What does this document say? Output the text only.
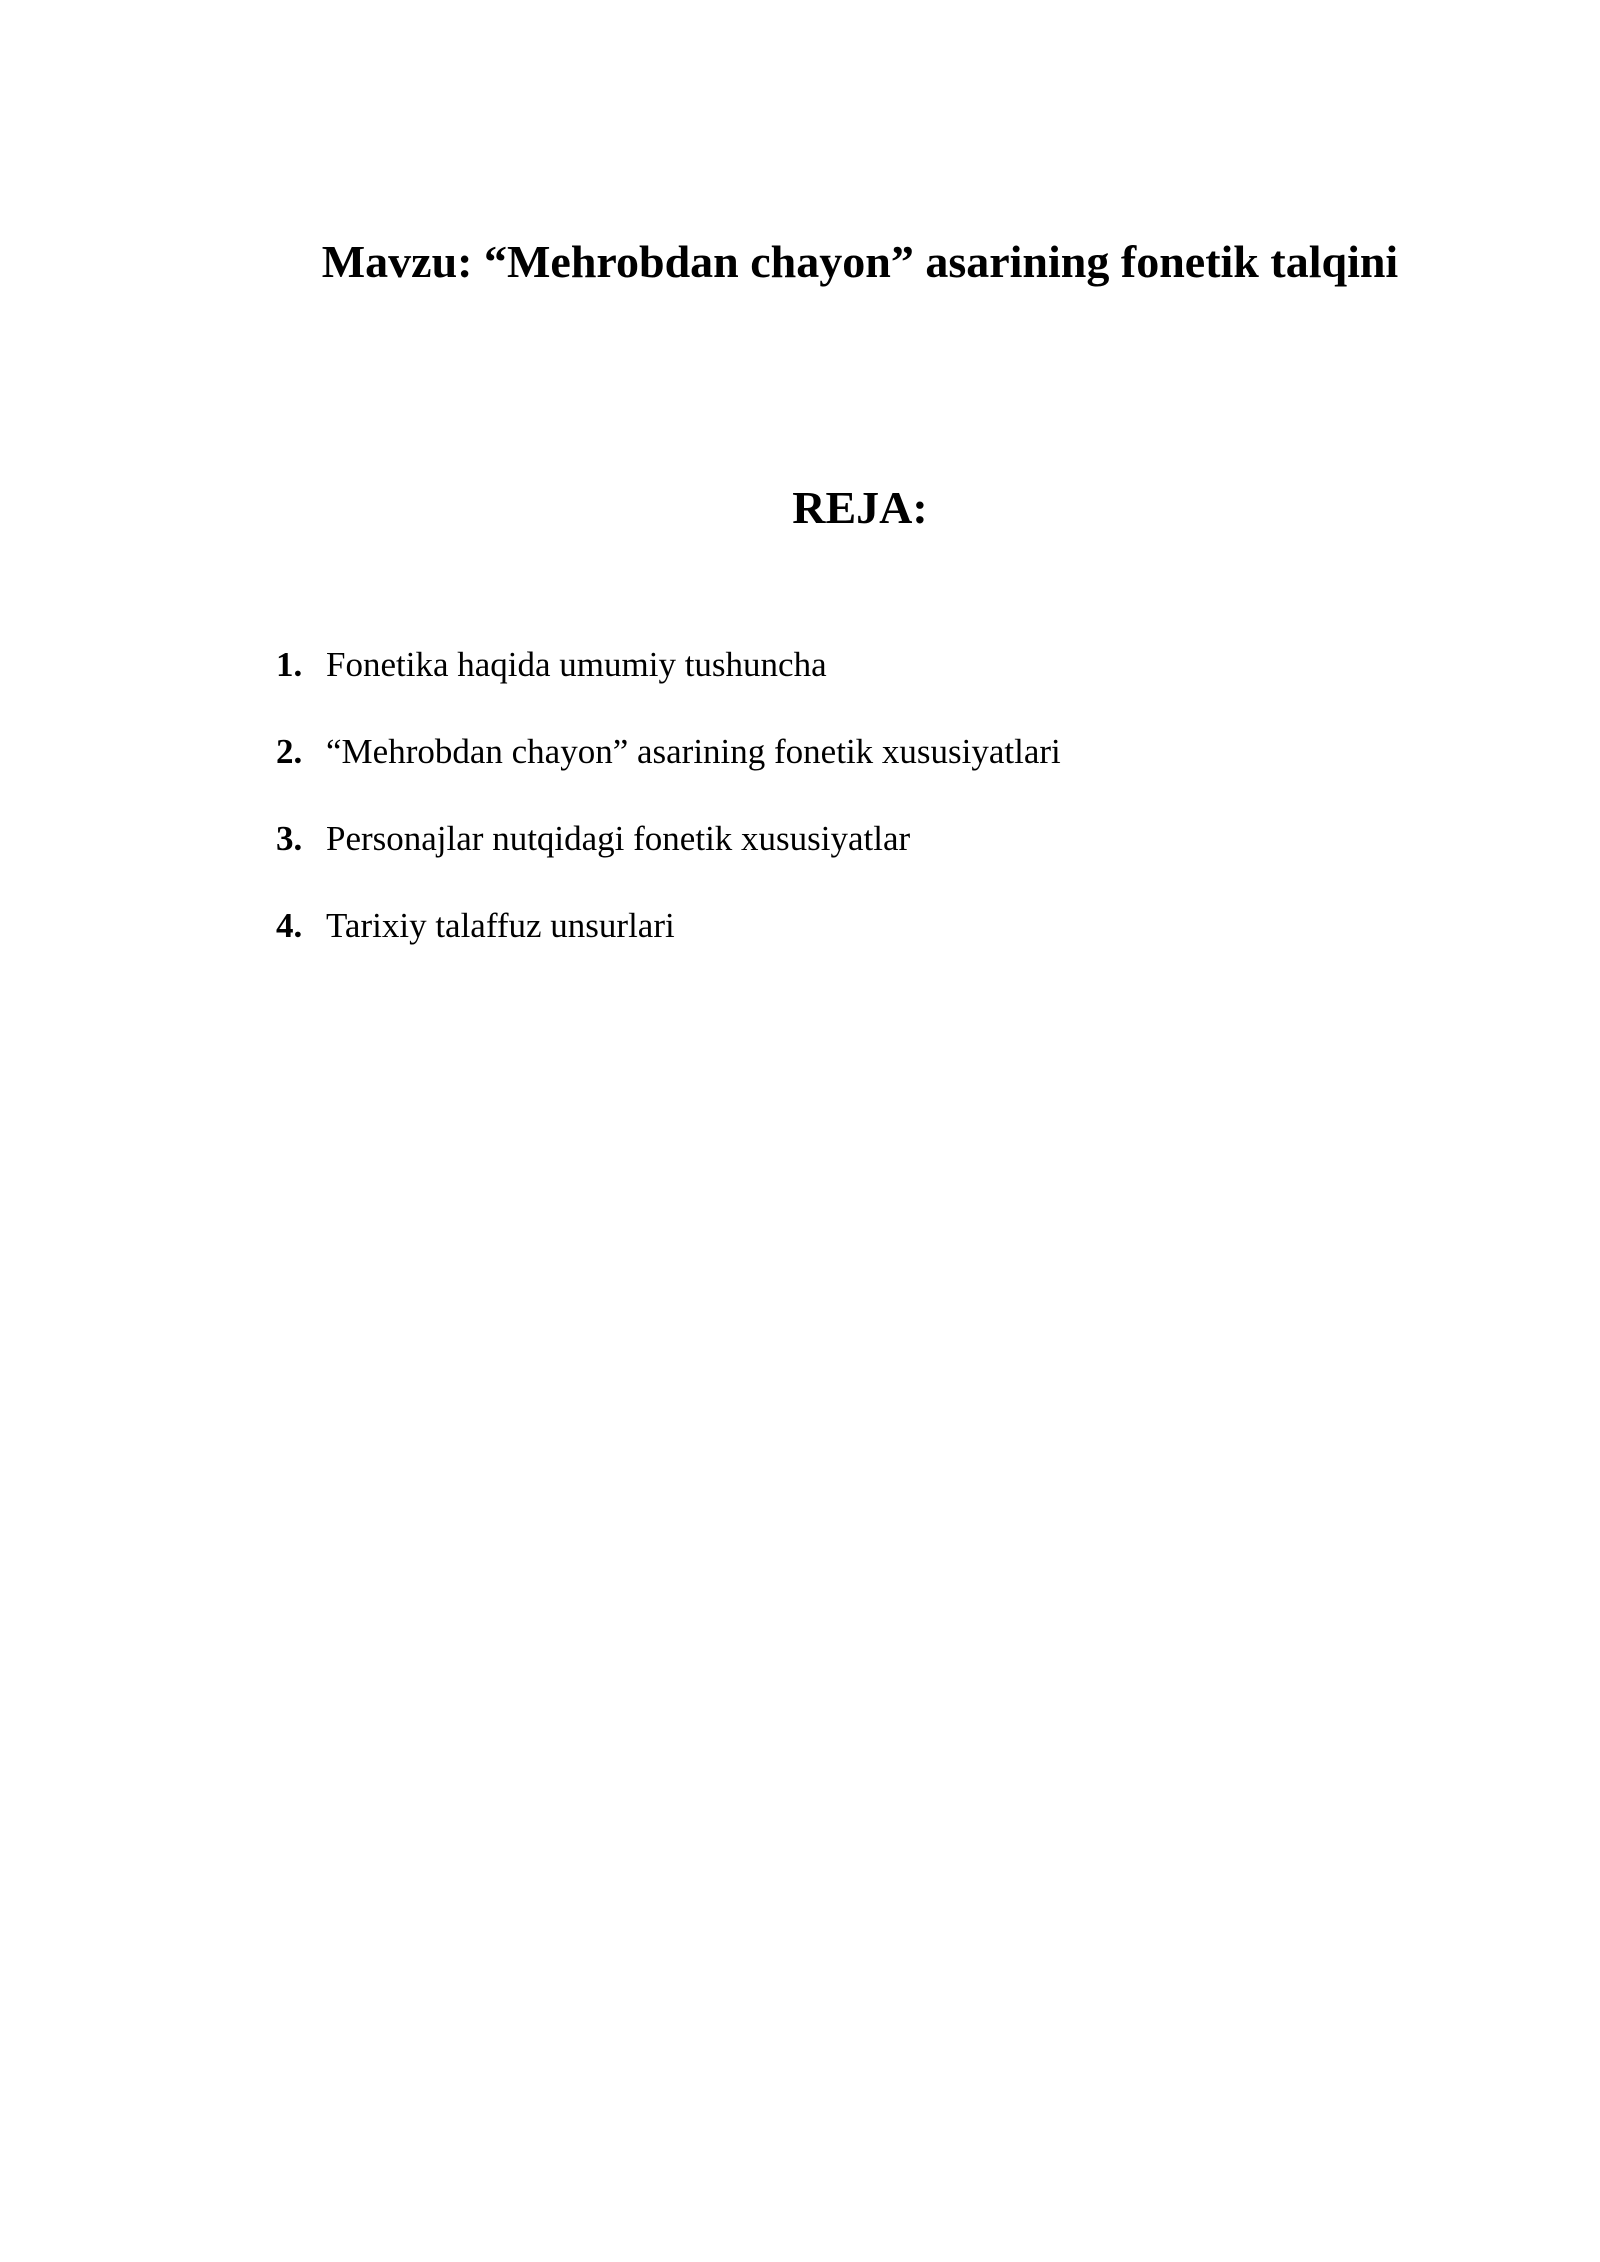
Mavzu: “Mehrobdan chayon” asarining fonetik talqini
REJA:
1. Fonetika haqida umumiy tushuncha
2. “Mehrobdan chayon” asarining fonetik xususiyatlari
3. Personajlar nutqidagi fonetik xususiyatlar
4. Tarixiy talaffuz unsurlari
